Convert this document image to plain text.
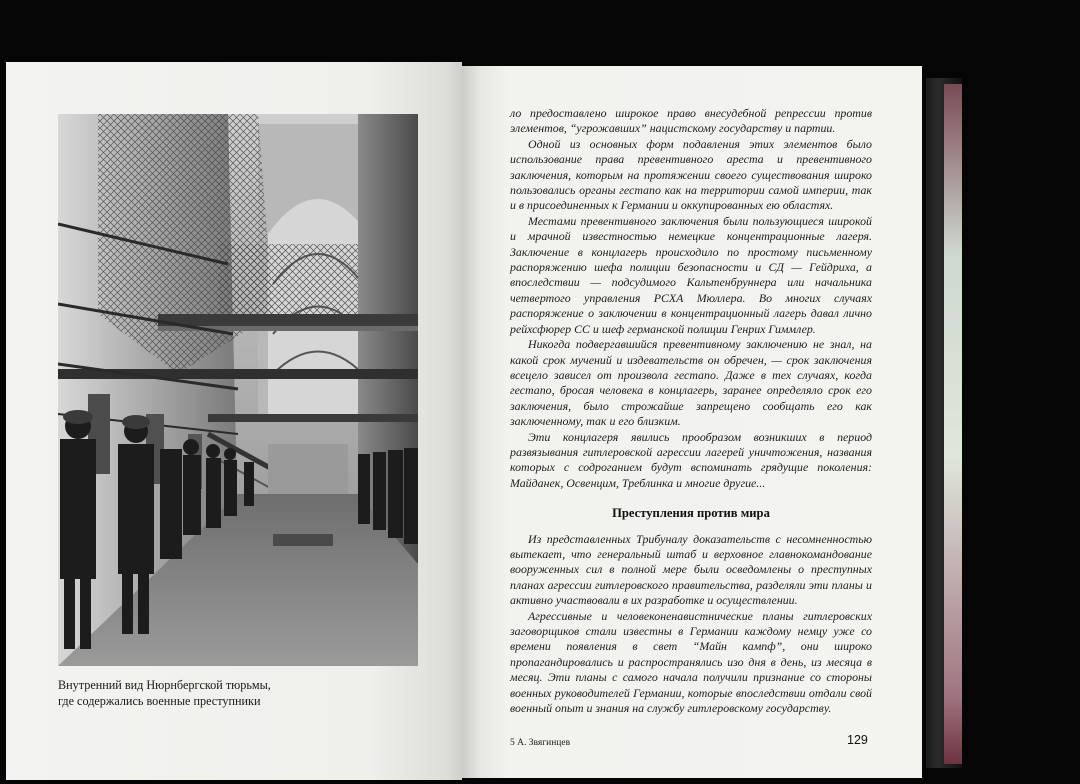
Внутренний вид Нюрнбергской тюрьмы,
где содержались военные преступники

ло предоставлено широкое право внесудебной репрессии против элементов, “угрожавших” нацистскому государству и партии.

Одной из основных форм подавления этих элементов было использование права превентивного ареста и превентивного заключения, которым на протяжении своего существования широко пользовались органы гестапо как на территории самой империи, так и в присоединенных к Германии и оккупированных ею областях.

Местами превентивного заключения были пользующиеся широкой и мрачной известностью немецкие концентрационные лагеря. Заключение в концлагерь происходило по простому письменному распоряжению шефа полиции безопасности и СД — Гейдриха, а впоследствии — подсудимого Кальтенбруннера или начальника четвертого управления РСХА Мюллера. Во многих случаях распоряжение о заключении в концентрационный лагерь давал лично рейхсфюрер СС и шеф германской полиции Генрих Гиммлер.

Никогда подвергавшийся превентивному заключению не знал, на какой срок мучений и издевательств он обречен, — срок заключения всецело зависел от произвола гестапо. Даже в тех случаях, когда гестапо, бросая человека в концлагерь, заранее определяло срок его заключения, было строжайше запрещено сообщать его как заключенному, так и его близким.

Эти концлагеря явились прообразом возникших в период развязывания гитлеровской агрессии лагерей уничтожения, названия которых с содроганием будут вспоминать грядущие поколения: Майданек, Освенцим, Треблинка и многие другие...

Преступления против мира

Из представленных Трибуналу доказательств с несомненностью вытекает, что генеральный штаб и верховное главнокомандование вооруженных сил в полной мере были осведомлены о преступных планах агрессии гитлеровского правительства, разделяли эти планы и активно участвовали в их разработке и осуществлении.

Агрессивные и человеконенавистнические планы гитлеровских заговорщиков стали известны в Германии каждому немцу уже со времени появления в свет “Майн кампф”, они широко пропагандировались и распространялись изо дня в день, из месяца в месяц. Эти планы с самого начала получили признание со стороны военных руководителей Германии, которые впоследствии отдали свой военный опыт и знания на службу гитлеровскому государству.

5 А. Звягинцев	129
